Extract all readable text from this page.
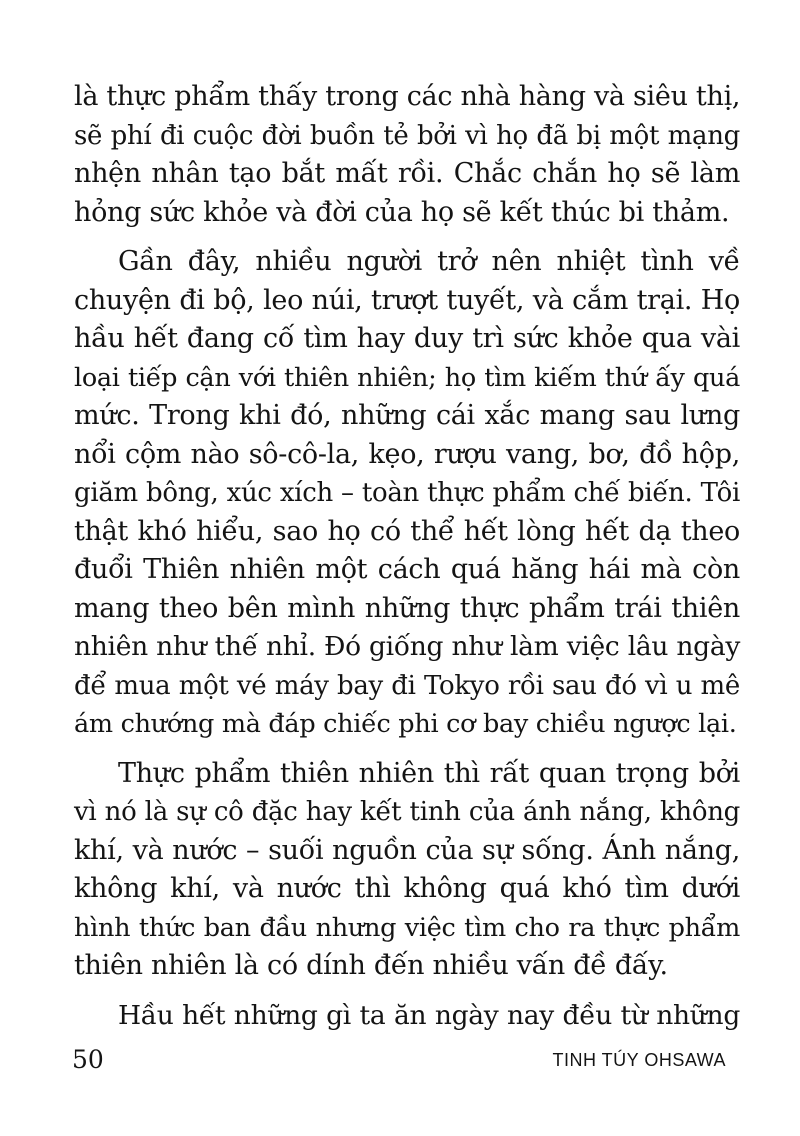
là thực phẩm thấy trong các nhà hàng và siêu thị,
sẽ phí đi cuộc đời buồn tẻ bởi vì họ đã bị một mạng
nhện nhân tạo bắt mất rồi. Chắc chắn họ sẽ làm
hỏng sức khỏe và đời của họ sẽ kết thúc bi thảm.
Gần đây, nhiều người trở nên nhiệt tình về
chuyện đi bộ, leo núi, trượt tuyết, và cắm trại. Họ
hầu hết đang cố tìm hay duy trì sức khỏe qua vài
loại tiếp cận với thiên nhiên; họ tìm kiếm thứ ấy quá
mức. Trong khi đó, những cái xắc mang sau lưng
nổi cộm nào sô-cô-la, kẹo, rượu vang, bơ, đồ hộp,
giăm bông, xúc xích – toàn thực phẩm chế biến. Tôi
thật khó hiểu, sao họ có thể hết lòng hết dạ theo
đuổi Thiên nhiên một cách quá hăng hái mà còn
mang theo bên mình những thực phẩm trái thiên
nhiên như thế nhỉ. Đó giống như làm việc lâu ngày
để mua một vé máy bay đi Tokyo rồi sau đó vì u mê
ám chướng mà đáp chiếc phi cơ bay chiều ngược lại.
Thực phẩm thiên nhiên thì rất quan trọng bởi
vì nó là sự cô đặc hay kết tinh của ánh nắng, không
khí, và nước – suối nguồn của sự sống. Ánh nắng,
không khí, và nước thì không quá khó tìm dưới
hình thức ban đầu nhưng việc tìm cho ra thực phẩm
thiên nhiên là có dính đến nhiều vấn đề đấy.
Hầu hết những gì ta ăn ngày nay đều từ những
50	TINH TÚY OHSAWA
